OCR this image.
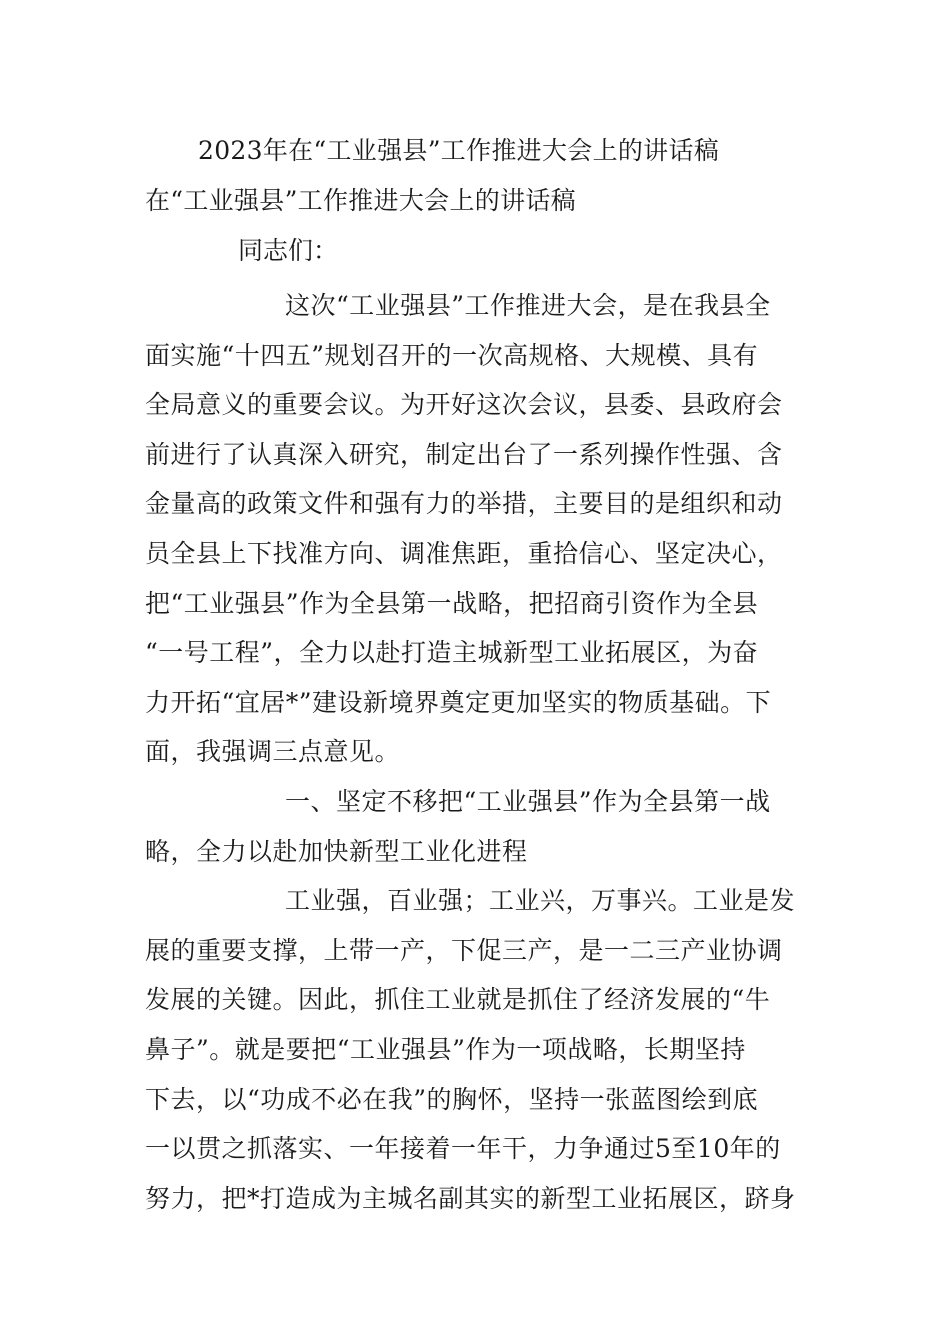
2023年在“工业强县”工作推进大会上的讲话稿
在“工业强县”工作推进大会上的讲话稿
同志们：
这次“工业强县”工作推进大会，是在我县全
面实施“十四五”规划召开的一次高规格、大规模、具有
全局意义的重要会议。为开好这次会议，县委、县政府会
前进行了认真深入研究，制定出台了一系列操作性强、含
金量高的政策文件和强有力的举措，主要目的是组织和动
员全县上下找准方向、调准焦距，重拾信心、坚定决心，
把“工业强县”作为全县第一战略，把招商引资作为全县
“一号工程”，全力以赴打造主城新型工业拓展区，为奋
力开拓“宜居*”建设新境界奠定更加坚实的物质基础。下
面，我强调三点意见。
一、坚定不移把“工业强县”作为全县第一战
略，全力以赴加快新型工业化进程
工业强，百业强；工业兴，万事兴。工业是发
展的重要支撑，上带一产，下促三产，是一二三产业协调
发展的关键。因此，抓住工业就是抓住了经济发展的“牛
鼻子”。就是要把“工业强县”作为一项战略，长期坚持
下去，以“功成不必在我”的胸怀，坚持一张蓝图绘到底
一以贯之抓落实、一年接着一年干，力争通过5至10年的
努力，把*打造成为主城名副其实的新型工业拓展区，跻身
